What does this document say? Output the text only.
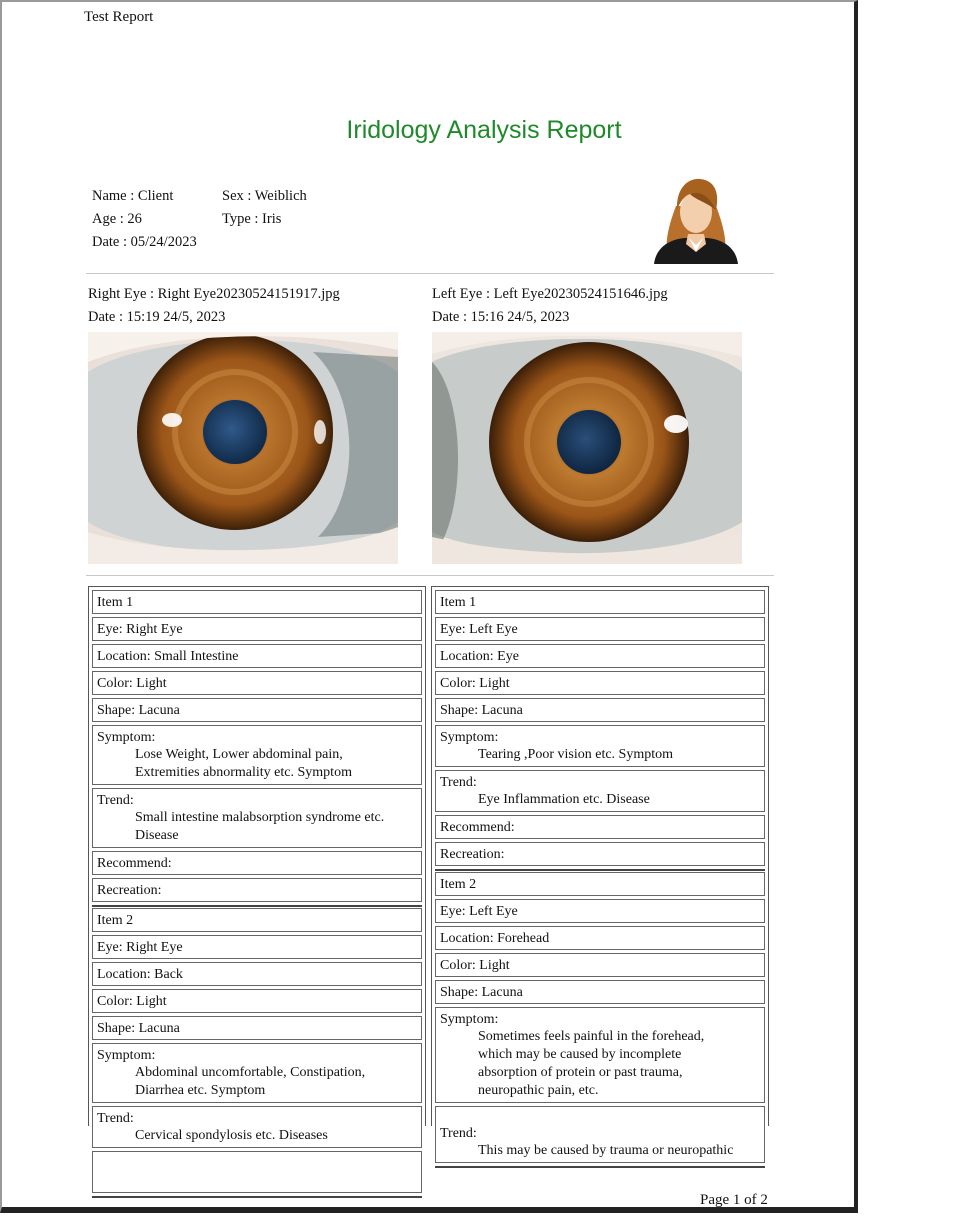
Test Report
Iridology Analysis Report
Name : Client	Sex : Weiblich
Age : 26	Type : Iris
Date : 05/24/2023
Right Eye : Right Eye20230524151917.jpg
Date : 15:19 24/5, 2023
Left Eye : Left Eye20230524151646.jpg
Date : 15:16 24/5, 2023
Item 1
Eye: Right Eye
Location: Small Intestine
Color: Light
Shape: Lacuna
Symptom:
Lose Weight, Lower abdominal pain,
Extremities abnormality etc. Symptom
Trend:
Small intestine malabsorption syndrome etc.
Disease
Recommend:
Recreation:
Item 2
Eye: Right Eye
Location: Back
Color: Light
Shape: Lacuna
Symptom:
Abdominal uncomfortable, Constipation,
Diarrhea etc. Symptom
Trend:
Cervical spondylosis etc. Diseases
Item 1
Eye: Left Eye
Location: Eye
Color: Light
Shape: Lacuna
Symptom:
Tearing ,Poor vision etc. Symptom
Trend:
Eye Inflammation etc. Disease
Recommend:
Recreation:
Item 2
Eye: Left Eye
Location: Forehead
Color: Light
Shape: Lacuna
Symptom:
Sometimes feels painful in the forehead,
which may be caused by incomplete
absorption of protein or past trauma,
neuropathic pain, etc.
Trend:
This may be caused by trauma or neuropathic
Page 1 of 2
